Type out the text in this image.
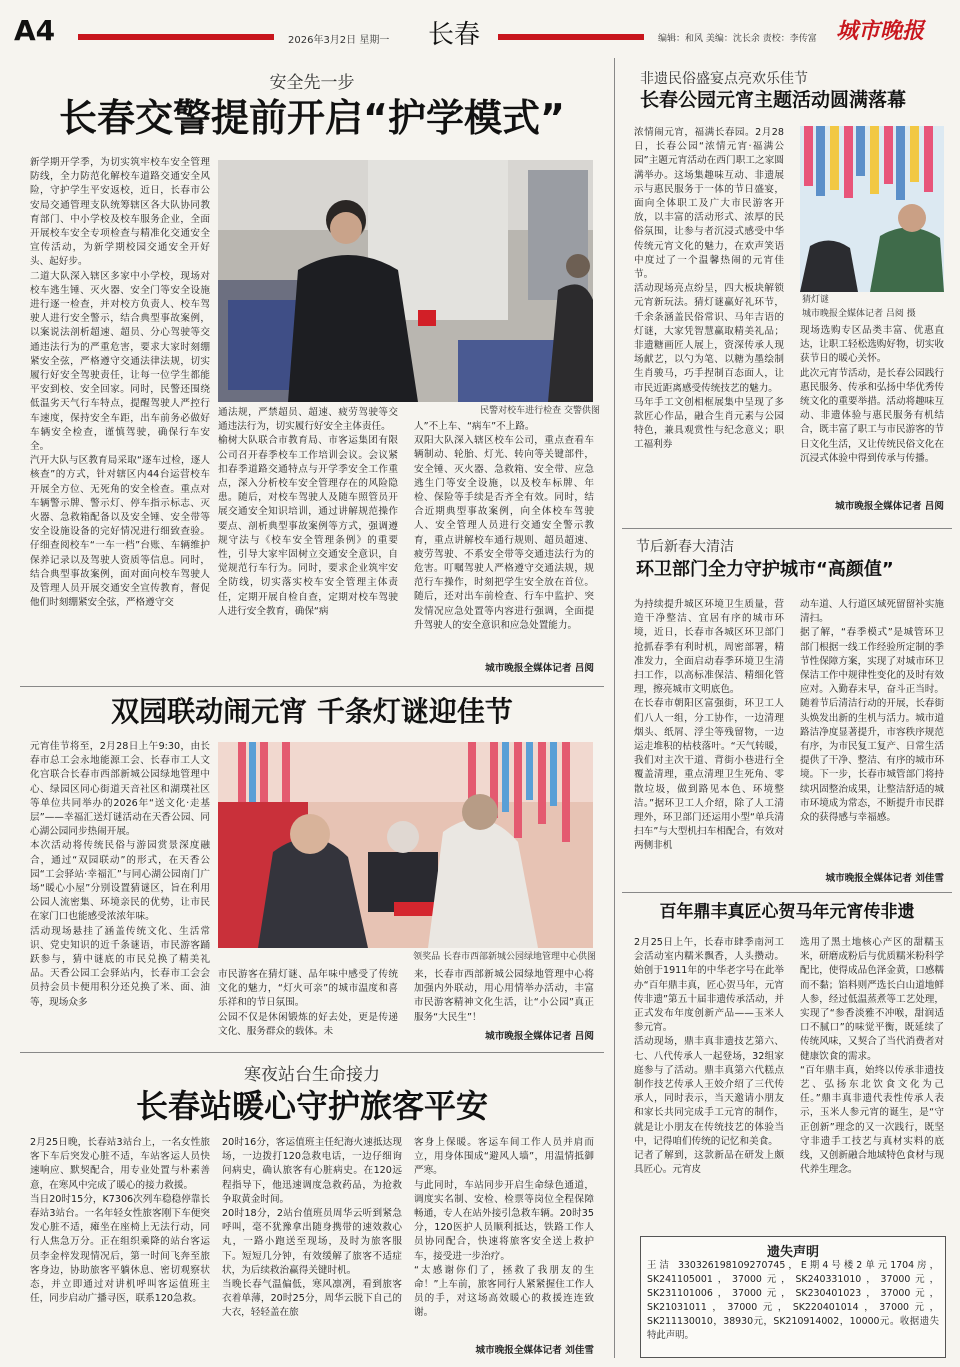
A4	2026年3月2日 星期一 长春	编辑：和风 美编：沈长余 责校：李传富 城市晚报
安全先一步
长春交警提前开启“护学模式”
新学期开学季，为切实筑牢校车安全管理防线，全力防范化解校车道路交通安全风险，守护学生平安返校，近日，长春市公安局交通管理支队统筹辖区各大队协同教育部门、中小学校及校车服务企业，全面开展校车安全专项检查与精准化交通安全宣传活动，为新学期校园交通安全开好头、起好步。
二道大队深入辖区多家中小学校，现场对校车逃生锤、灭火器、安全门等安全设施进行逐一检查，并对校方负责人、校车驾驶人进行安全警示，结合典型事故案例，以案说法剖析超速、超员、分心驾驶等交通违法行为的严重危害，要求大家时刻绷紧安全弦，严格遵守交通法律法规，切实履行好安全驾驶责任，让每一位学生都能平安到校、安全回家。同时，民警还围绕低温劣天气行车特点，提醒驾驶人严控行车速度，保持安全车距，出车前务必做好车辆安全检查，谨慎驾驶，确保行车安全。
汽开大队与区教育局采取“逐车过检，逐人核查”的方式，针对辖区内44台运营校车开展全方位、无死角的安全检查。重点对车辆警示牌、警示灯、停车指示标志、灭火器、急救箱配备以及安全锤、安全带等安全设施设备的完好情况进行细致查验。仔细查阅校车“一车一档”台账、车辆维护保养记录以及驾驶人资质等信息。同时，结合典型事故案例，面对面向校车驾驶人及管理人员开展交通安全宣传教育，督促他们时刻绷紧安全弦，严格遵守交
民警对校车进行检查 交警供图
通法规，严禁超员、超速、疲劳驾驶等交通违法行为，切实履行好安全主体责任。
榆树大队联合市教育局、市客运集团有限公司召开春季校车工作培训会议。会议紧扣春季道路交通特点与开学季安全工作重点，深入分析校车安全管理存在的风险隐患。随后，对校车驾驶人及随车照管员开展交通安全知识培训，通过讲解规范操作要点、剖析典型事故案例等方式，强调遵规守法与《校车安全管理条例》的重要性，引导大家牢固树立交通安全意识，自觉规范行车行为。同时，要求企业筑牢安全防线，切实落实校车安全管理主体责任，定期开展自检自查，定期对校车驾驶人进行安全教育，确保“病
人”不上车、“病车”不上路。
双阳大队深入辖区校车公司，重点查看车辆制动、轮胎、灯光、转向等关键部件，安全锤、灭火器、急救箱、安全带、应急逃生门等安全设施，以及校车标牌、年检、保险等手续是否齐全有效。同时，结合近期典型事故案例，向全体校车驾驶人、安全管理人员进行交通安全警示教育，重点讲解校车通行规则、超员超速、疲劳驾驶、不系安全带等交通违法行为的危害。叮嘱驾驶人严格遵守交通法规，规范行车操作，时刻把学生安全放在首位。随后，还对出车前检查、行车中监护、突发情况应急处置等内容进行强调，全面提升驾驶人的安全意识和应急处置能力。
城市晚报全媒体记者 吕阅
双园联动闹元宵 千条灯谜迎佳节
元宵佳节将至，2月28日上午9:30，由长春市总工会永地能源工会、长春市工人文化宫联合长春市西部新城公园绿地管理中心、绿园区同心街道天音社区和湖璞社区等单位共同举办的2026年“送文化·走基层”——幸福汇送灯谜活动在天香公园、同心湖公园同步热闹开展。
本次活动将传统民俗与游园赏景深度融合，通过“双园联动”的形式，在天香公园“工会驿站·幸福汇”与同心湖公园南门广场“暖心小屋”分别设置猜谜区，旨在利用公园人流密集、环境亲民的优势，让市民在家门口也能感受浓浓年味。
活动现场悬挂了涵盖传统文化、生活常识、党史知识的近千条谜语，市民游客踊跃参与，猜中谜底的市民兑换了精美礼品。天香公园工会驿站内，长春市工会会员持会员卡便用积分还兑换了米、面、油等，现场众多
领奖品 长春市西部新城公园绿地管理中心供图
市民游客在猜灯谜、品年味中感受了传统文化的魅力，“灯火可亲”的城市温度和喜乐祥和的节日氛围。
公园不仅是休闲锻炼的好去处，更是传递文化、服务群众的载体。未
来，长春市西部新城公园绿地管理中心将加强内外联动，用心用情举办活动，丰富市民游客精神文化生活，让“小公园”真正服务“大民生”！
城市晚报全媒体记者 吕阅
寒夜站台生命接力
长春站暖心守护旅客平安
2月25日晚，长春站3站台上，一名女性旅客下车后突发心脏不适，车站客运人员快速响应、默契配合，用专业处置与朴素善意，在寒风中完成了暖心的接力救援。
当日20时15分，K7306次列车稳稳停靠长春站3站台。一名年轻女性旅客刚下车便突发心脏不适，瘫坐在座椅上无法行动，同行人焦急万分。正在组织乘降的站台客运员李金梓发现情况后，第一时间飞奔至旅客身边，协助旅客平躺休息、密切观察状态，并立即通过对讲机呼叫客运值班主任，同步启动广播寻医，联系120急救。
20时16分，客运值班主任纪海火速抵达现场，一边拨打120急救电话，一边仔细询问病史，确认旅客有心脏病史。在120远程指导下，他迅速调度急救药品，为抢救争取黄金时间。
20时18分，2站台值班员周华云听到紧急呼叫，毫不犹豫拿出随身携带的速效救心丸，一路小跑送至现场，及时为旅客服下。短短几分钟，有效缓解了旅客不适症状，为后续救治赢得关键时机。
当晚长春气温偏低，寒风凛冽，看到旅客衣着单薄，20时25分，周华云脱下自己的大衣，轻轻盖在旅
客身上保暖。客运车间工作人员并肩而立，用身体围成“避风人墙”，用温情抵御严寒。
与此同时，车站同步开启生命绿色通道，调度实名制、安检、检票等岗位全程保障畅通，专人在站外接引急救车辆。20时35分，120医护人员顺利抵达，铁路工作人员协同配合，快速将旅客安全送上救护车，接受进一步治疗。
“太感谢你们了，拯救了我朋友的生命！”上车前，旅客同行人紧紧握住工作人员的手，对这场高效暖心的救援连连致谢。
城市晚报全媒体记者 刘佳雪
非遗民俗盛宴点亮欢乐佳节
长春公园元宵主题活动圆满落幕
浓情闹元宵，福满长春园。2月28日，长春公园“浓情元宵·福满公园”主题元宵活动在西门职工之家圆满举办。这场集趣味互动、非遗展示与惠民服务于一体的节日盛宴，面向全体职工及广大市民游客开放，以丰富的活动形式、浓厚的民俗氛围，让参与者沉浸式感受中华传统元宵文化的魅力，在欢声笑语中度过了一个温馨热闹的元宵佳节。
活动现场亮点纷呈，四大板块解锁元宵新玩法。猜灯谜赢好礼环节，千余条涵盖民俗常识、马年吉语的灯谜，大家凭智慧赢取精美礼品；非遗糖画匠人展上，资深传承人现场献艺，以勺为笔、以糖为墨绘制生肖骏马，巧手捏制百态面人，让市民近距离感受传统技艺的魅力。
马年手工文创相框展集中呈现了多款匠心作品，融合生肖元素与公园特色，兼具观赏性与纪念意义；职工福利券
猜灯谜
城市晚报全媒体记者 吕阅 摄
现场选购专区品类丰富、优惠直达，让职工轻松选购好物，切实收获节日的暖心关怀。
此次元宵节活动，是长春公园践行惠民服务、传承和弘扬中华优秀传统文化的重要举措。活动将趣味互动、非遗体验与惠民服务有机结合，既丰富了职工与市民游客的节日文化生活，又让传统民俗文化在沉浸式体验中得到传承与传播。
城市晚报全媒体记者 吕阅
节后新春大清洁
环卫部门全力守护城市“高颜值”
为持续提升城区环境卫生质量，营造干净整洁、宜居有序的城市环境，近日，长春市各城区环卫部门抢抓春季有利时机，周密部署，精准发力，全面启动春季环境卫生清扫工作，以高标准保洁、精细化管理，擦亮城市文明底色。
在长春市朝阳区富强街，环卫工人们八人一组，分工协作，一边清理烟头、纸屑、浮尘等残留物，一边运走堆积的枯枝落叶。“天气转暖，我们对主次干道、背街小巷进行全覆盖清理，重点清理卫生死角、零散垃圾，做到路见本色、环境整洁。”据环卫工人介绍，除了人工清理外，环卫部门还运用小型“单兵清扫车”与大型机扫车相配合，有效对两侧非机
动车道、人行道区域死留留补实施清扫。
据了解，“春季模式”是城管环卫部门根据一线工作经验所定制的季节性保障方案，实现了对城市环卫保洁工作中规律性变化的及时有效应对。入勤春末早，奋斗正当时。随着节后清洁行动的开展，长春街头焕发出新的生机与活力。城市道路洁净度显著提升，市容秩序规范有序，为市民复工复产、日常生活提供了干净、整洁、有序的城市环境。下一步，长春市城管部门将持续巩固整治成果，让整洁舒适的城市环境成为常态，不断提升市民群众的获得感与幸福感。
城市晚报全媒体记者 刘佳雪
百年鼎丰真匠心贺马年元宵传非遗
2月25日上午，长春市肆季南河工会活动室内糯米飘香，人头攒动。始创于1911年的中华老字号在此举办“百年鼎丰真，匠心贺马年，元宵传非遗”第五十届非遗传承活动，并正式发布年度创新产品——玉米人参元宵。
活动现场，鼎丰真非遗技艺第六、七、八代传承人一起登场，32组家庭参与了活动。鼎丰真第六代糕点制作技艺传承人王姣介绍了三代传承人，同时表示，当天邀请小朋友和家长共同完成手工元宵的制作，就是让小朋友在传统技艺的体验当中，记得咱们传统的记忆和美食。
记者了解到，这款新品在研发上颇具匠心。元宵皮
选用了黑土地核心产区的甜糯玉米，研磨成粉后与优质糯米粉科学配比，使得成品色泽金黄，口感糯而不黏；馅料则严选长白山道地鲜人参，经过低温蒸煮等工艺处理，实现了“参香淡雅不冲喉，甜润适口不腻口”的味觉平衡，既延续了传统风味，又契合了当代消费者对健康饮食的需求。
“百年鼎丰真，始终以传承非遗技艺、弘扬东北饮食文化为己任。”鼎丰真非遗代表性传承人表示，玉米人参元宵的诞生，是“守正创新”理念的又一次践行，既坚守非遗手工技艺与真材实料的底线，又创新融合地域特色食材与现代养生理念。
遗失声明
王洁 330326198109270745，E期4号楼2单元1704房，SK241105001，37000元，SK240331010，37000元，SK231101006，37000元，SK230401023，37000元，SK21031011，37000元，SK220401014，37000元，SK211130010，38930元，SK210914002，10000元。收据遗失特此声明。
